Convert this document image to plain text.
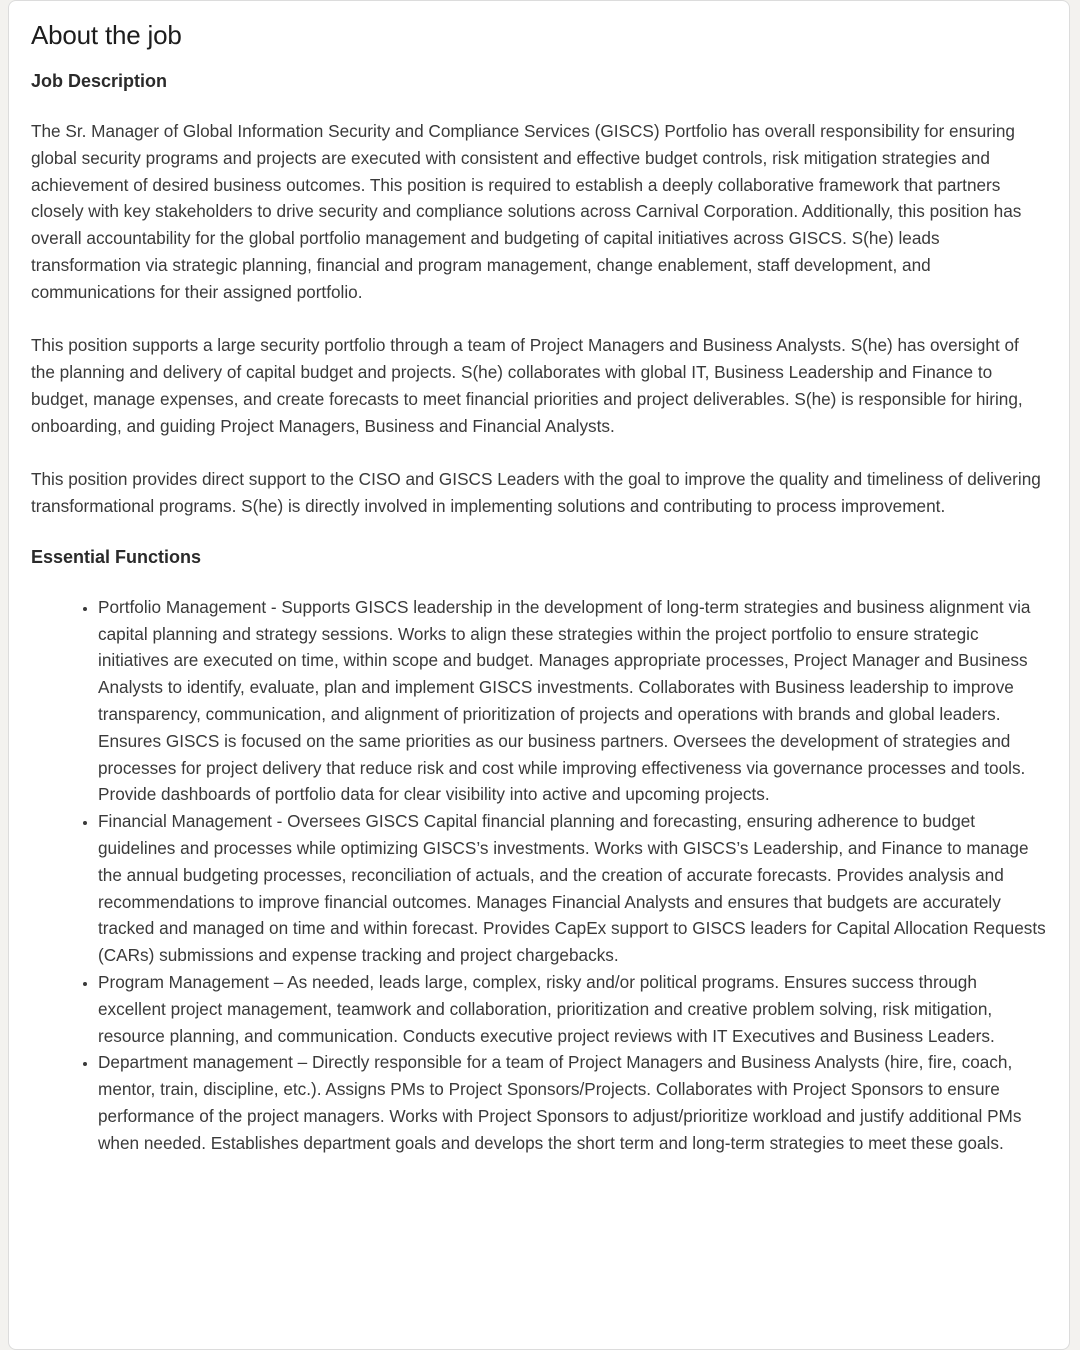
About the job
Job Description

The Sr. Manager of Global Information Security and Compliance Services (GISCS) Portfolio has overall responsibility for ensuring global security programs and projects are executed with consistent and effective budget controls, risk mitigation strategies and achievement of desired business outcomes. This position is required to establish a deeply collaborative framework that partners closely with key stakeholders to drive security and compliance solutions across Carnival Corporation. Additionally, this position has overall accountability for the global portfolio management and budgeting of capital initiatives across GISCS. S(he) leads transformation via strategic planning, financial and program management, change enablement, staff development, and communications for their assigned portfolio.

This position supports a large security portfolio through a team of Project Managers and Business Analysts. S(he) has oversight of the planning and delivery of capital budget and projects. S(he) collaborates with global IT, Business Leadership and Finance to budget, manage expenses, and create forecasts to meet financial priorities and project deliverables. S(he) is responsible for hiring, onboarding, and guiding Project Managers, Business and Financial Analysts.

This position provides direct support to the CISO and GISCS Leaders with the goal to improve the quality and timeliness of delivering transformational programs. S(he) is directly involved in implementing solutions and contributing to process improvement.

Essential Functions
• Portfolio Management - Supports GISCS leadership in the development of long-term strategies and business alignment via capital planning and strategy sessions. Works to align these strategies within the project portfolio to ensure strategic initiatives are executed on time, within scope and budget. Manages appropriate processes, Project Manager and Business Analysts to identify, evaluate, plan and implement GISCS investments. Collaborates with Business leadership to improve transparency, communication, and alignment of prioritization of projects and operations with brands and global leaders. Ensures GISCS is focused on the same priorities as our business partners. Oversees the development of strategies and processes for project delivery that reduce risk and cost while improving effectiveness via governance processes and tools. Provide dashboards of portfolio data for clear visibility into active and upcoming projects.
• Financial Management - Oversees GISCS Capital financial planning and forecasting, ensuring adherence to budget guidelines and processes while optimizing GISCS’s investments. Works with GISCS’s Leadership, and Finance to manage the annual budgeting processes, reconciliation of actuals, and the creation of accurate forecasts. Provides analysis and recommendations to improve financial outcomes. Manages Financial Analysts and ensures that budgets are accurately tracked and managed on time and within forecast. Provides CapEx support to GISCS leaders for Capital Allocation Requests (CARs) submissions and expense tracking and project chargebacks.
• Program Management – As needed, leads large, complex, risky and/or political programs. Ensures success through excellent project management, teamwork and collaboration, prioritization and creative problem solving, risk mitigation, resource planning, and communication. Conducts executive project reviews with IT Executives and Business Leaders.
• Department management – Directly responsible for a team of Project Managers and Business Analysts (hire, fire, coach, mentor, train, discipline, etc.). Assigns PMs to Project Sponsors/Projects. Collaborates with Project Sponsors to ensure performance of the project managers. Works with Project Sponsors to adjust/prioritize workload and justify additional PMs when needed. Establishes department goals and develops the short term and long-term strategies to meet these goals.
